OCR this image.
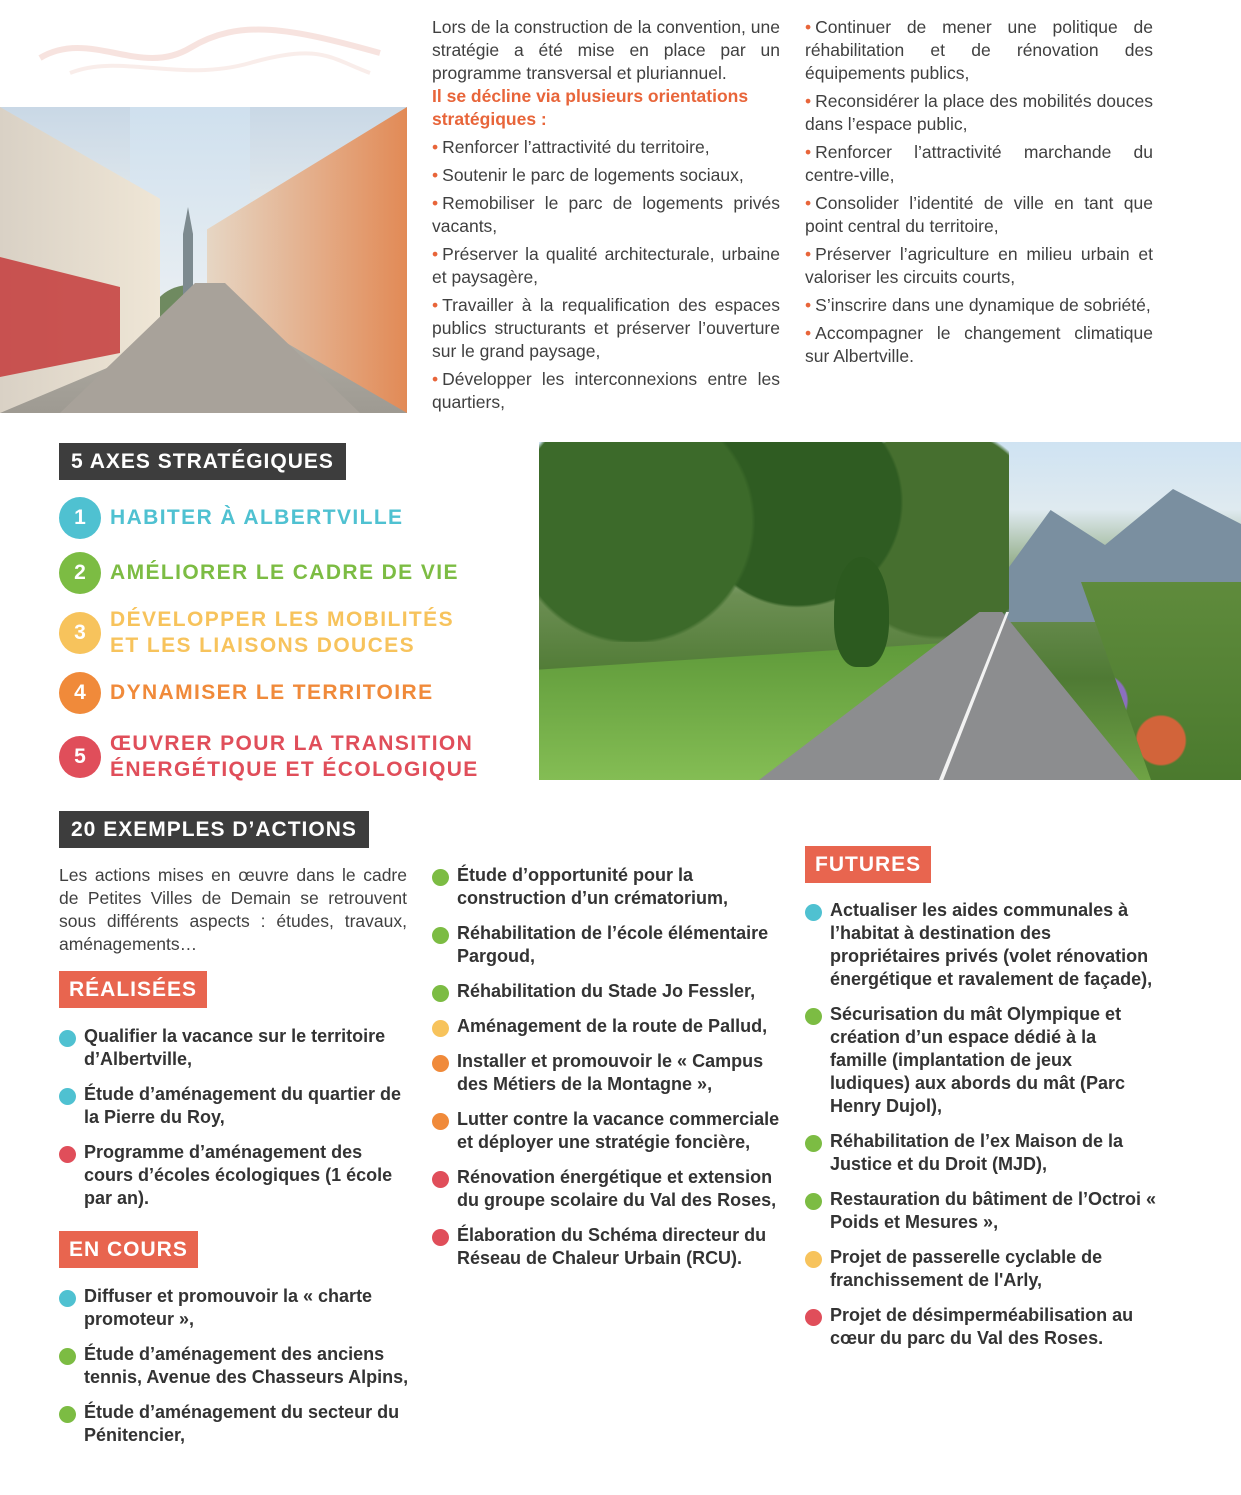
Lors de la construction de la convention, une stratégie a été mise en place par un programme transversal et pluriannuel.

Il se décline via plusieurs orientations stratégiques :

• Renforcer l’attractivité du territoire,
• Soutenir le parc de logements sociaux,
• Remobiliser le parc de logements privés vacants,
• Préserver la qualité architecturale, urbaine et paysagère,
• Travailler à la requalification des espaces publics structurants et préserver l’ouverture sur le grand paysage,
• Développer les interconnexions entre les quartiers,
• Continuer de mener une politique de réhabilitation et de rénovation des équipements publics,
• Reconsidérer la place des mobilités douces dans l’espace public,
• Renforcer l’attractivité marchande du centre-ville,
• Consolider l’identité de ville en tant que point central du territoire,
• Préserver l’agriculture en milieu urbain et valoriser les circuits courts,
• S’inscrire dans une dynamique de sobriété,
• Accompagner le changement climatique sur Albertville.
5 AXES STRATÉGIQUES
1	HABITER À ALBERTVILLE
2	AMÉLIORER LE CADRE DE VIE
3
DÉVELOPPER LES MOBILITÉS
ET LES LIAISONS DOUCES
4	DYNAMISER LE TERRITOIRE
5
ŒUVRER POUR LA TRANSITION
ÉNERGÉTIQUE ET ÉCOLOGIQUE
20 EXEMPLES D’ACTIONS

Les actions mises en œuvre dans le cadre de Petites Villes de Demain se retrouvent sous différents aspects : études, travaux, aménagements…

RÉALISÉES
Qualifier la vacance sur le territoire d’Albertville,
Étude d’aménagement du quartier de la Pierre du Roy,
Programme d’aménagement des cours d’écoles écologiques (1 école par an).
EN COURS
Diffuser et promouvoir la « charte promoteur »,
Étude d’aménagement des anciens tennis, Avenue des Chasseurs Alpins,
Étude d’aménagement du secteur du Pénitencier,
Étude d’opportunité pour la construction d’un crématorium,
Réhabilitation de l’école élémentaire Pargoud,
Réhabilitation du Stade Jo Fessler,
Aménagement de la route de Pallud,
Installer et promouvoir le « Campus des Métiers de la Montagne »,
Lutter contre la vacance commerciale et déployer une stratégie foncière,
Rénovation énergétique et extension du groupe scolaire du Val des Roses,
Élaboration du Schéma directeur du Réseau de Chaleur Urbain (RCU).
FUTURES
Actualiser les aides communales à l’habitat à destination des propriétaires privés (volet rénovation énergétique et ravalement de façade),
Sécurisation du mât Olympique et création d’un espace dédié à la famille (implantation de jeux ludiques) aux abords du mât (Parc Henry Dujol),
Réhabilitation de l’ex Maison de la Justice et du Droit (MJD),
Restauration du bâtiment de l’Octroi « Poids et Mesures »,
Projet de passerelle cyclable de franchissement de l'Arly,
Projet de désimperméabilisation au cœur du parc du Val des Roses.
